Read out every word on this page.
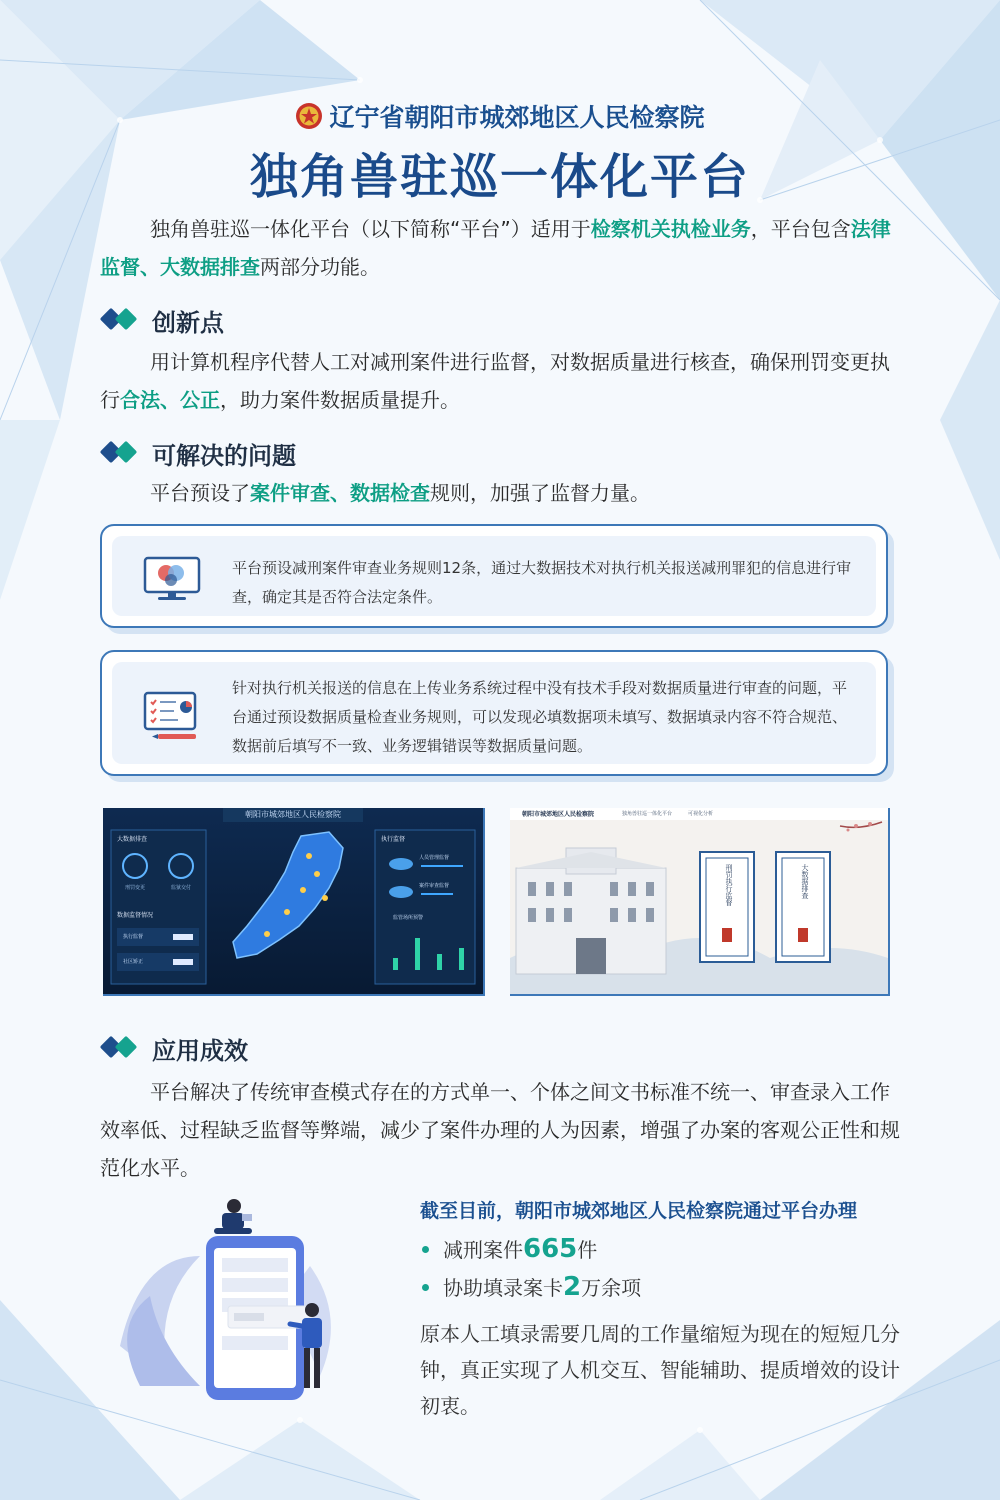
辽宁省朝阳市城郊地区人民检察院
独角兽驻巡一体化平台
独角兽驻巡一体化平台（以下简称“平台”）适用于检察机关执检业务，平台包含法律监督、大数据排查两部分功能。
创新点
用计算机程序代替人工对减刑案件进行监督，对数据质量进行核查，确保刑罚变更执行合法、公正，助力案件数据质量提升。
可解决的问题
平台预设了案件审查、数据检查规则，加强了监督力量。
平台预设减刑案件审查业务规则12条，通过大数据技术对执行机关报送减刑罪犯的信息进行审查，确定其是否符合法定条件。
针对执行机关报送的信息在上传业务系统过程中没有技术手段对数据质量进行审查的问题，平台通过预设数据质量检查业务规则，可以发现必填数据项未填写、数据填录内容不符合规范、数据前后填写不一致、业务逻辑错误等数据质量问题。
朝阳市城郊地区人民检察院
大数据排查
数据监督情况
执行监督
刑罚变更	监狱交付
执行监督
社区矫正
人员管理监督
案件审查监督
监管场所预警
朝阳市城郊地区人民检察院	独角兽驻巡一体化平台	可视化分析
刑罚执行监督	大数据排查
应用成效
平台解决了传统审查模式存在的方式单一、个体之间文书标准不统一、审查录入工作效率低、过程缺乏监督等弊端，减少了案件办理的人为因素，增强了办案的客观公正性和规范化水平。
截至目前，朝阳市城郊地区人民检察院通过平台办理
减刑案件 665 件
协助填录案卡 2 万余项
原本人工填录需要几周的工作量缩短为现在的短短几分钟，真正实现了人机交互、智能辅助、提质增效的设计初衷。
